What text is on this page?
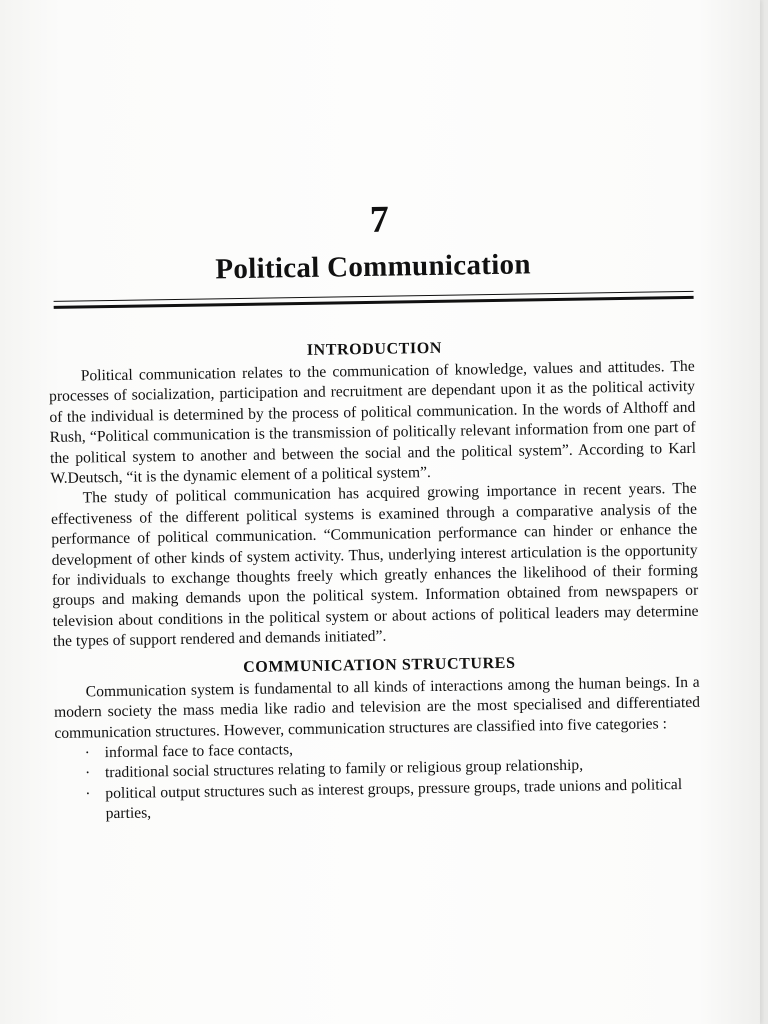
7
Political Communication
INTRODUCTION

Political communication relates to the communication of knowledge, values and attitudes. The processes of socialization, participation and recruitment are dependant upon it as the political activity of the individual is determined by the process of political communication. In the words of Althoff and Rush, “Political communication is the transmission of politically relevant information from one part of the political system to another and between the social and the political system”. According to Karl W.Deutsch, “it is the dynamic element of a political system”.

The study of political communication has acquired growing importance in recent years. The effectiveness of the different political systems is examined through a comparative analysis of the performance of political communication. “Communication performance can hinder or enhance the development of other kinds of system activity. Thus, underlying interest articulation is the opportunity for individuals to exchange thoughts freely which greatly enhances the likelihood of their forming groups and making demands upon the political system. Information obtained from newspapers or television about conditions in the political system or about actions of political leaders may determine the types of support rendered and demands initiated”.

COMMUNICATION STRUCTURES

Communication system is fundamental to all kinds of interactions among the human beings. In a modern society the mass media like radio and television are the most specialised and differentiated communication structures. However, communication structures are classified into five categories :

· informal face to face contacts,
· traditional social structures relating to family or religious group relationship,
· political output structures such as interest groups, pressure groups, trade unions and political parties,
